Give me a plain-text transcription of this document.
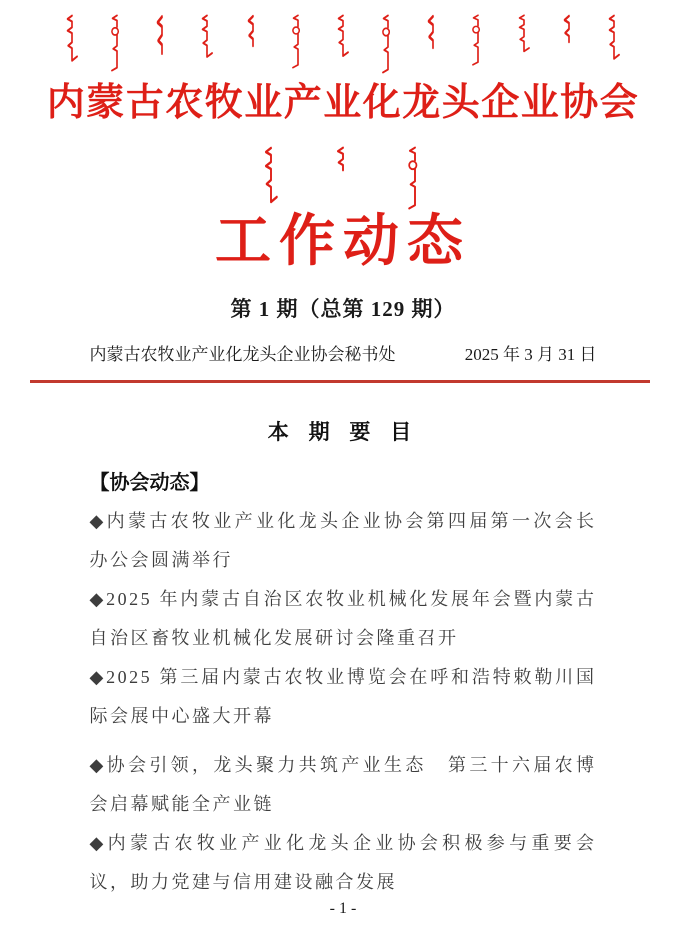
内蒙古农牧业产业化龙头企业协会
工作动态
第 1 期（总第 129 期）
内蒙古农牧业产业化龙头企业协会秘书处	2025 年 3 月 31 日
本 期 要 目
【协会动态】

◆内蒙古农牧业产业化龙头企业协会第四届第一次会长办公会圆满举行

◆2025 年内蒙古自治区农牧业机械化发展年会暨内蒙古自治区畜牧业机械化发展研讨会隆重召开

◆2025 第三届内蒙古农牧业博览会在呼和浩特敕勒川国际会展中心盛大开幕

◆协会引领，龙头聚力共筑产业生态　第三十六届农博会启幕赋能全产业链

◆内蒙古农牧业产业化龙头企业协会积极参与重要会议，助力党建与信用建设融合发展

- 1 -
